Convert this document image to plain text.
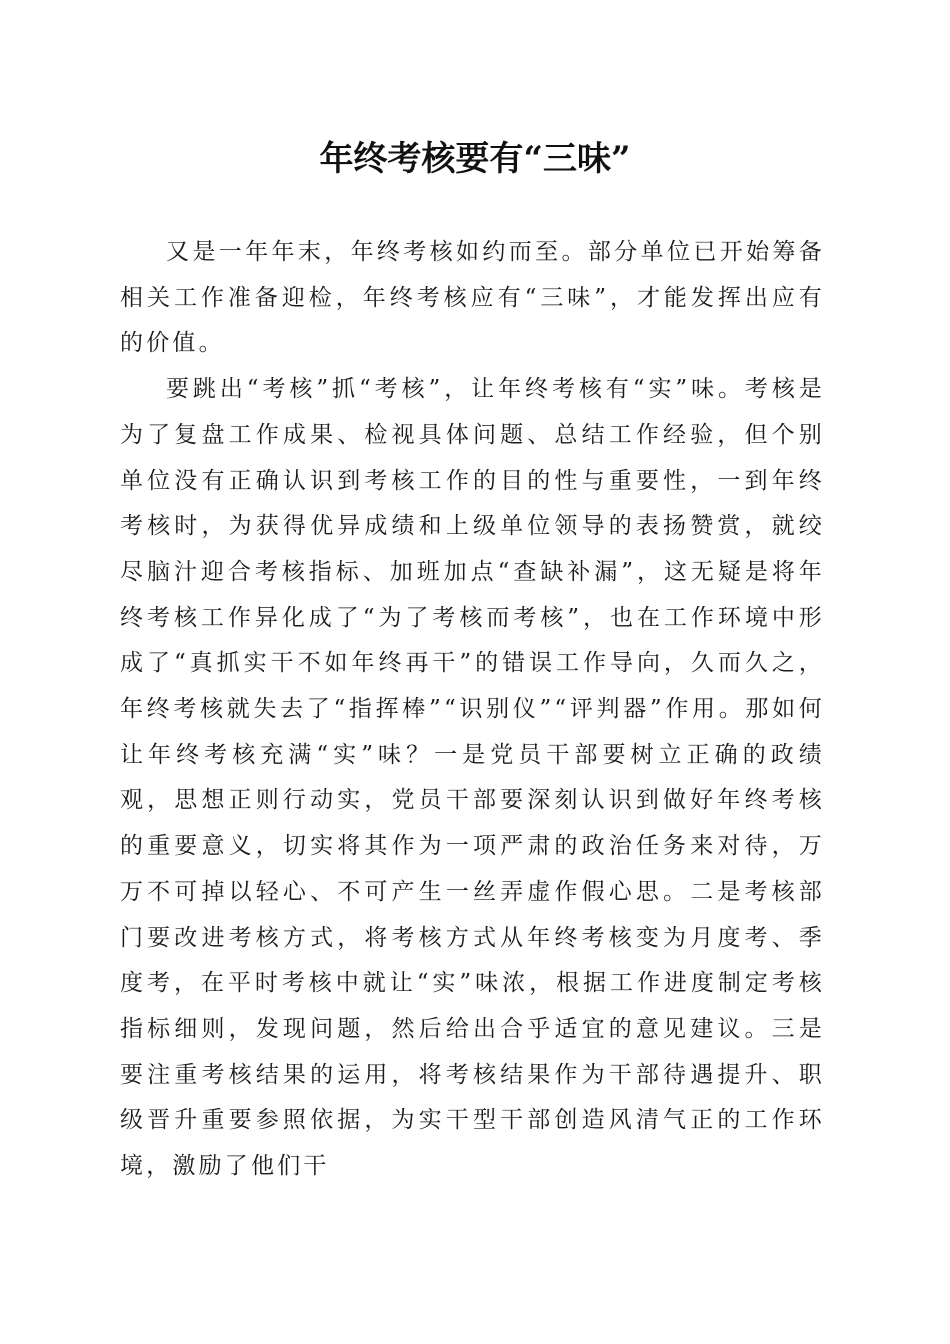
年终考核要有“三味”

又是一年年末，年终考核如约而至。部分单位已开始筹备相关工作准备迎检，年终考核应有“三味”，才能发挥出应有的价值。

要跳出“考核”抓“考核”，让年终考核有“实”味。考核是为了复盘工作成果、检视具体问题、总结工作经验，但个别单位没有正确认识到考核工作的目的性与重要性，一到年终考核时，为获得优异成绩和上级单位领导的表扬赞赏，就绞尽脑汁迎合考核指标、加班加点“查缺补漏”，这无疑是将年终考核工作异化成了“为了考核而考核”，也在工作环境中形成了“真抓实干不如年终再干”的错误工作导向，久而久之，年终考核就失去了“指挥棒”“识别仪”“评判器”作用。那如何让年终考核充满“实”味？一是党员干部要树立正确的政绩观，思想正则行动实，党员干部要深刻认识到做好年终考核的重要意义，切实将其作为一项严肃的政治任务来对待，万万不可掉以轻心、不可产生一丝弄虚作假心思。二是考核部门要改进考核方式，将考核方式从年终考核变为月度考、季度考，在平时考核中就让“实”味浓，根据工作进度制定考核指标细则，发现问题，然后给出合乎适宜的意见建议。三是要注重考核结果的运用，将考核结果作为干部待遇提升、职级晋升重要参照依据，为实干型干部创造风清气正的工作环境，激励了他们干
